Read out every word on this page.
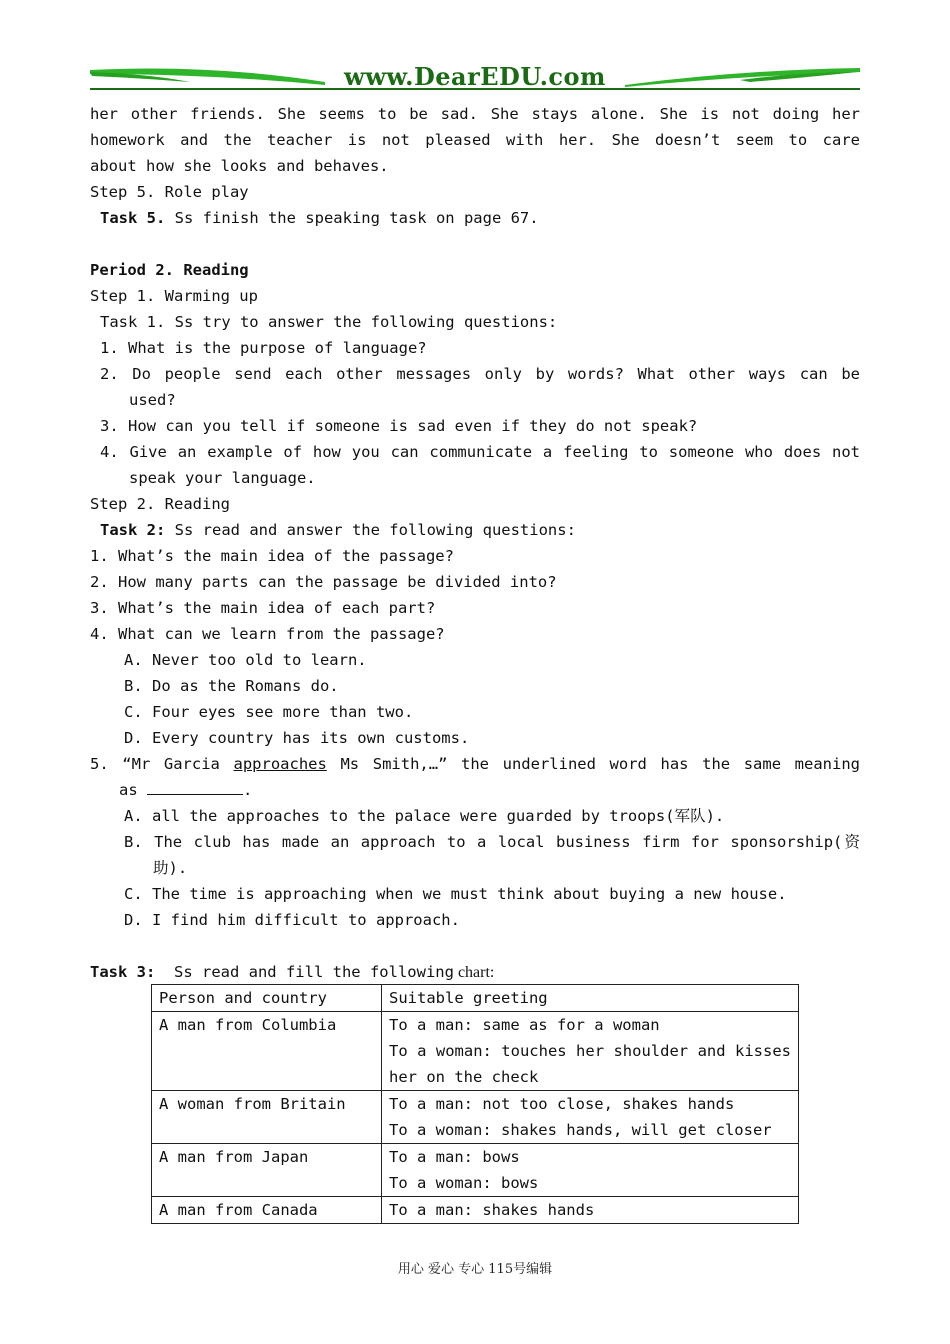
www.DearEDU.com
her other friends. She seems to be sad. She stays alone. She is not doing her
homework and the teacher is not pleased with her. She doesn’t seem to care
about how she looks and behaves.
Step 5. Role play
Task 5. Ss finish the speaking task on page 67.
Period 2. Reading
Step 1. Warming up
Task 1. Ss try to answer the following questions:
1. What is the purpose of language?
2. Do people send each other messages only by words? What other ways can be
used?
3. How can you tell if someone is sad even if they do not speak?
4. Give an example of how you can communicate a feeling to someone who does not
speak your language.
Step 2. Reading
Task 2: Ss read and answer the following questions:
1. What’s the main idea of the passage?
2. How many parts can the passage be divided into?
3. What’s the main idea of each part?
4. What can we learn from the passage?
A. Never too old to learn.
B. Do as the Romans do.
C. Four eyes see more than two.
D. Every country has its own customs.
5. “Mr Garcia approaches Ms Smith,…” the underlined word has the same meaning
as	.
A. all the approaches to the palace were guarded by troops(军队).
B. The club has made an approach to a local business firm for sponsorship(资
助).
C. The time is approaching when we must think about buying a new house.
D. I find him difficult to approach.
Task 3:  Ss read and fill the following chart:
Person and country	Suitable greeting
A man from Columbia	To a man: same as for a woman
To a woman: touches her shoulder and kisses her on the check

A woman from Britain	To a man: not too close, shakes hands
To a woman: shakes hands, will get closer

A man from Japan	To a man: bows
To a woman: bows

A man from Canada	To a man: shakes hands
用心 爱心 专心 115号编辑
